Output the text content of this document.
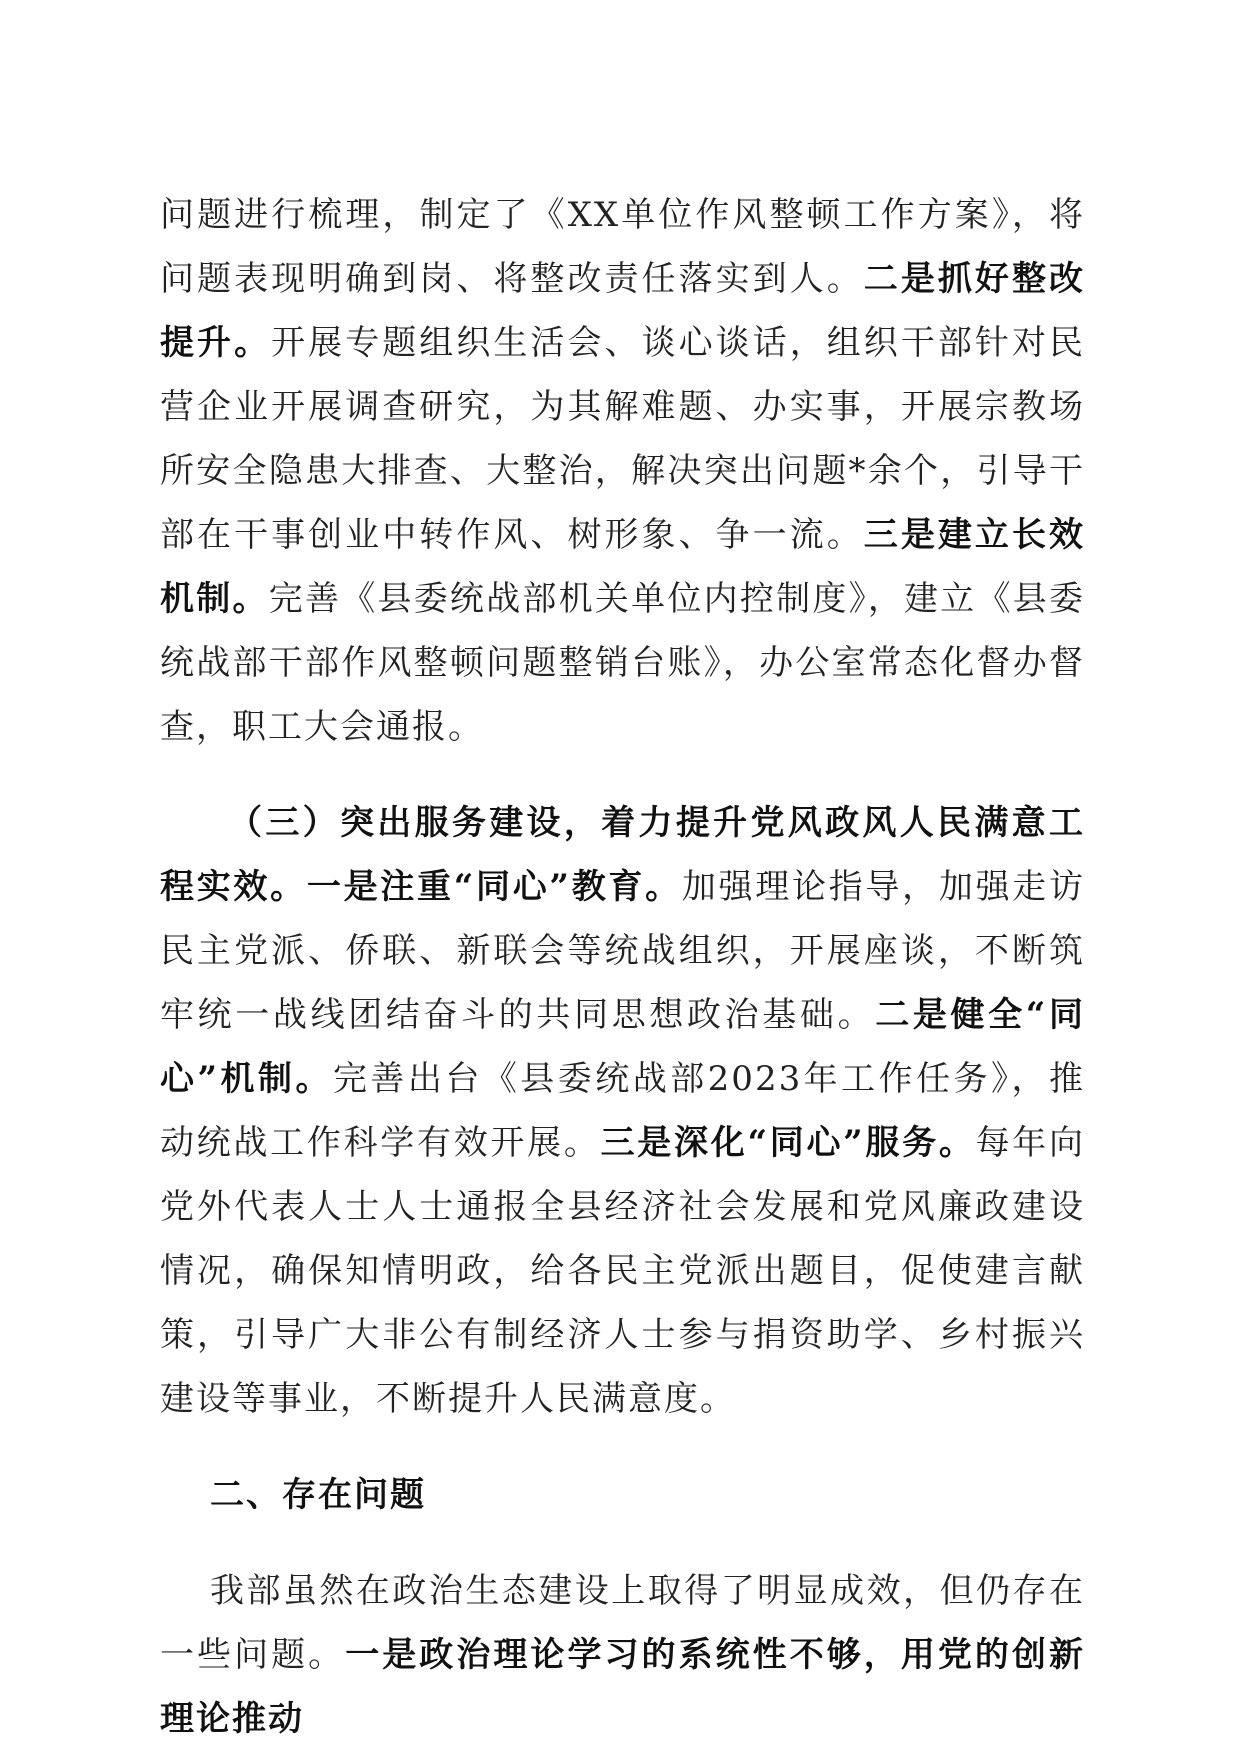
问题进行梳理，制定了《XX单位作风整顿工作方案》，将问题表现明确到岗、将整改责任落实到人。二是抓好整改提升。开展专题组织生活会、谈心谈话，组织干部针对民营企业开展调查研究，为其解难题、办实事，开展宗教场所安全隐患大排查、大整治，解决突出问题*余个，引导干部在干事创业中转作风、树形象、争一流。三是建立长效机制。完善《县委统战部机关单位内控制度》，建立《县委统战部干部作风整顿问题整销台账》，办公室常态化督办督查，职工大会通报。

（三）突出服务建设，着力提升党风政风人民满意工程实效。一是注重“同心”教育。加强理论指导，加强走访民主党派、侨联、新联会等统战组织，开展座谈，不断筑牢统一战线团结奋斗的共同思想政治基础。二是健全“同心”机制。完善出台《县委统战部2023年工作任务》，推动统战工作科学有效开展。三是深化“同心”服务。每年向党外代表人士人士通报全县经济社会发展和党风廉政建设情况，确保知情明政，给各民主党派出题目，促使建言献策，引导广大非公有制经济人士参与捐资助学、乡村振兴建设等事业，不断提升人民满意度。

二、存在问题

我部虽然在政治生态建设上取得了明显成效，但仍存在一些问题。一是政治理论学习的系统性不够，用党的创新理论推动
